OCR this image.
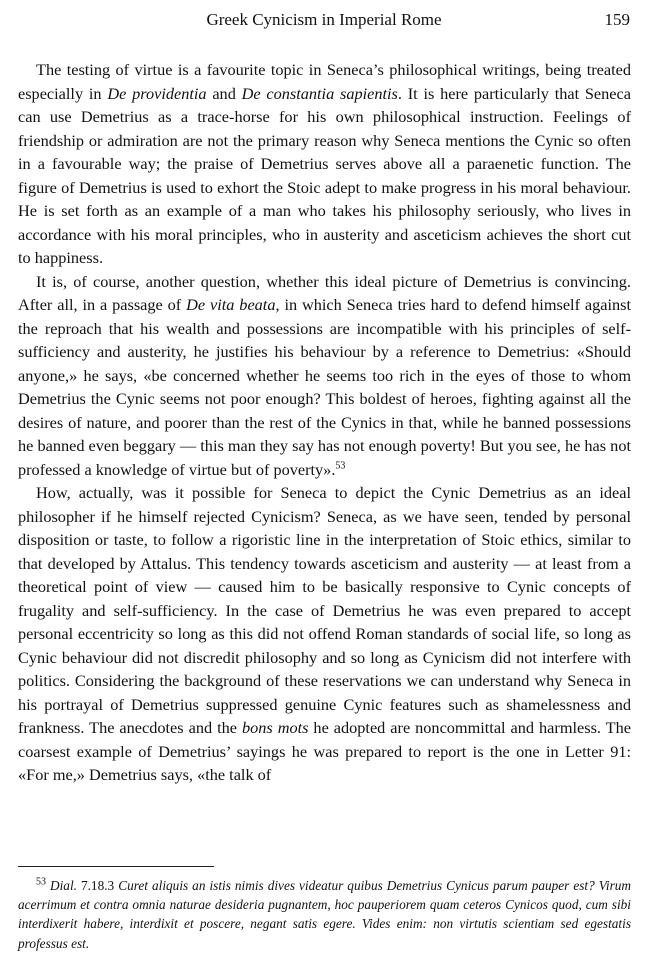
Greek Cynicism in Imperial Rome	159

The testing of virtue is a favourite topic in Seneca’s philosophical writings, being treated especially in De providentia and De constantia sapientis. It is here particularly that Seneca can use Demetrius as a trace-horse for his own philosophical instruction. Feelings of friendship or admiration are not the primary reason why Seneca mentions the Cynic so often in a favourable way; the praise of Demetrius serves above all a paraenetic function. The figure of Demetrius is used to exhort the Stoic adept to make progress in his moral behaviour. He is set forth as an example of a man who takes his philosophy seriously, who lives in accordance with his moral principles, who in austerity and asceticism achieves the short cut to happiness.

It is, of course, another question, whether this ideal picture of Demetrius is convincing. After all, in a passage of De vita beata, in which Seneca tries hard to defend himself against the reproach that his wealth and possessions are incompatible with his principles of self-sufficiency and austerity, he justifies his behaviour by a reference to Demetrius: «Should anyone,» he says, «be concerned whether he seems too rich in the eyes of those to whom Demetrius the Cynic seems not poor enough? This boldest of heroes, fighting against all the desires of nature, and poorer than the rest of the Cynics in that, while he banned possessions he banned even beggary — this man they say has not enough poverty! But you see, he has not professed a knowledge of virtue but of poverty».$^{53}$

How, actually, was it possible for Seneca to depict the Cynic Demetrius as an ideal philosopher if he himself rejected Cynicism? Seneca, as we have seen, tended by personal disposition or taste, to follow a rigoristic line in the interpretation of Stoic ethics, similar to that developed by Attalus. This tendency towards asceticism and austerity — at least from a theoretical point of view — caused him to be basically responsive to Cynic concepts of frugality and self-sufficiency. In the case of Demetrius he was even prepared to accept personal eccentricity so long as this did not offend Roman standards of social life, so long as Cynic behaviour did not discredit philosophy and so long as Cynicism did not interfere with politics. Considering the background of these reservations we can understand why Seneca in his portrayal of Demetrius suppressed genuine Cynic features such as shamelessness and frankness. The anecdotes and the bons mots he adopted are noncommittal and harmless. The coarsest example of Demetrius’ sayings he was prepared to report is the one in Letter 91: «For me,» Demetrius says, «the talk of

$^{53}$ Dial. 7.18.3 Curet aliquis an istis nimis dives videatur quibus Demetrius Cynicus parum pauper est? Virum acerrimum et contra omnia naturae desideria pugnantem, hoc pauperiorem quam ceteros Cynicos quod, cum sibi interdixerit habere, interdixit et poscere, negant satis egere. Vides enim: non virtutis scientiam sed egestatis professus est.
